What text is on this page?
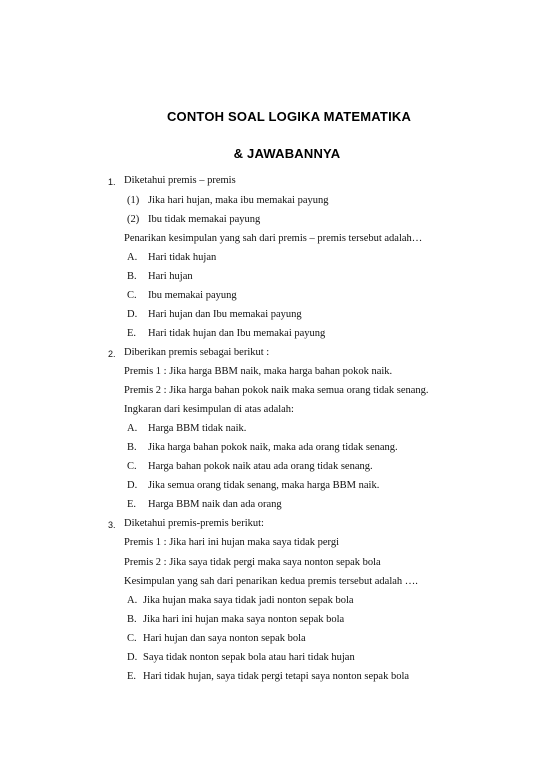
CONTOH SOAL LOGIKA MATEMATIKA
& JAWABANNYA
1. Diketahui premis – premis
(1) Jika hari hujan, maka ibu memakai payung
(2) Ibu tidak memakai payung
Penarikan kesimpulan yang sah dari premis – premis tersebut adalah…
A. Hari tidak hujan
B. Hari hujan
C. Ibu memakai payung
D. Hari hujan dan Ibu memakai payung
E. Hari tidak hujan dan Ibu memakai payung
2. Diberikan premis sebagai berikut :
Premis 1 : Jika harga BBM naik, maka harga bahan pokok naik.
Premis 2 : Jika harga bahan pokok naik maka semua orang tidak senang.
Ingkaran dari kesimpulan di atas adalah:
A. Harga BBM tidak naik.
B. Jika harga bahan pokok naik, maka ada orang tidak senang.
C. Harga bahan pokok naik atau ada orang tidak senang.
D. Jika semua orang tidak senang, maka harga BBM naik.
E. Harga BBM naik dan ada orang
3. Diketahui premis-premis berikut:
Premis 1 : Jika hari ini hujan maka saya tidak pergi
Premis 2 : Jika saya tidak pergi maka saya nonton sepak bola
Kesimpulan yang sah dari penarikan kedua premis tersebut adalah ….
A. Jika hujan maka saya tidak jadi nonton sepak bola
B. Jika hari ini hujan maka saya nonton sepak bola
C. Hari hujan dan saya nonton sepak bola
D. Saya tidak nonton sepak bola atau hari tidak hujan
E. Hari tidak hujan, saya tidak pergi tetapi saya nonton sepak bola
